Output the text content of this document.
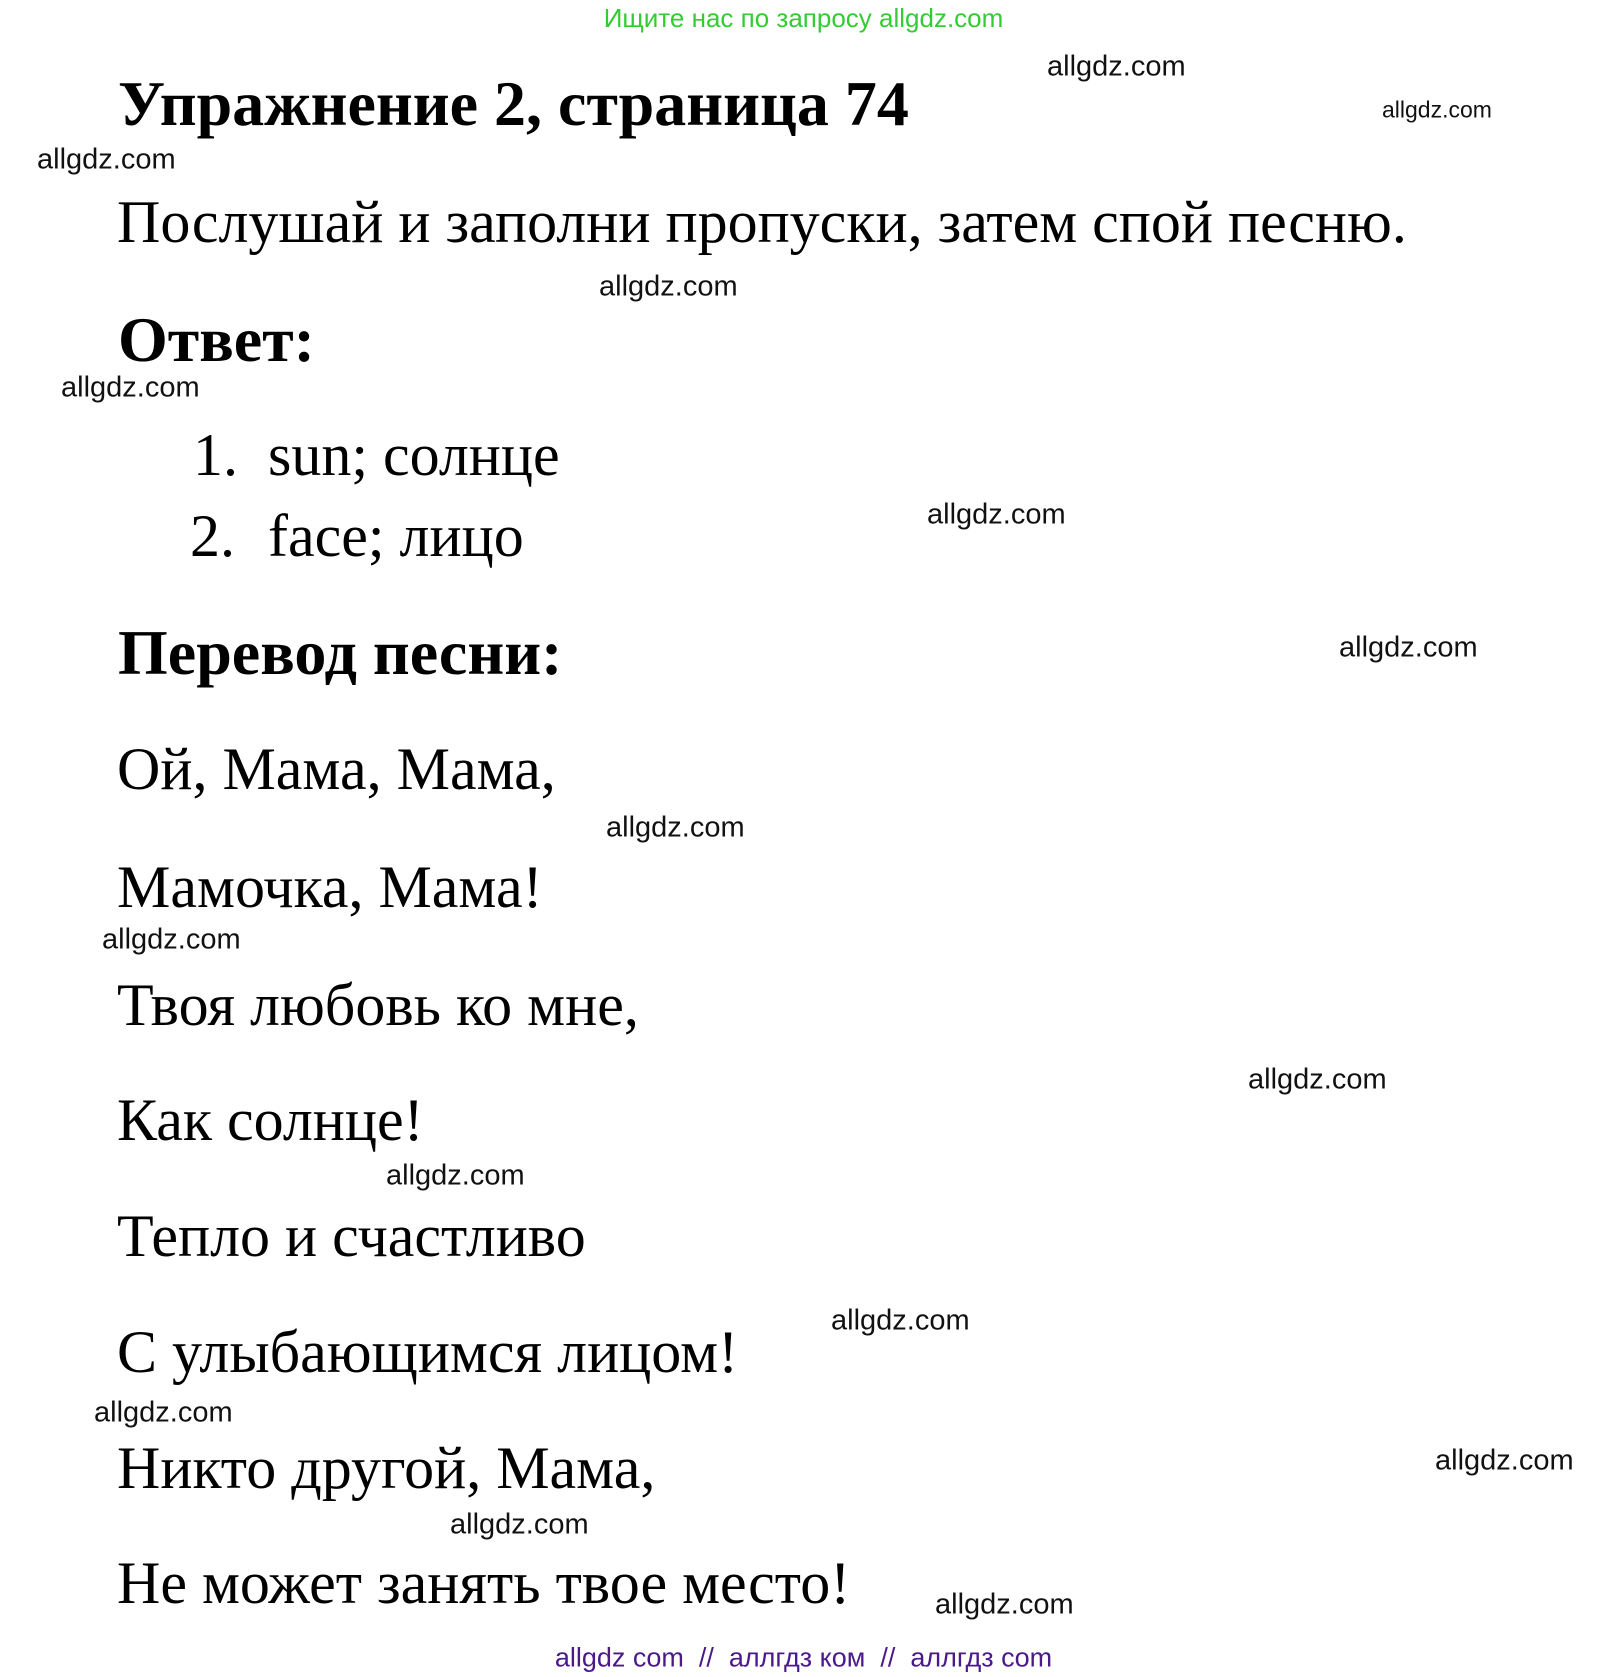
Ищите нас по запросу allgdz.com
Упражнение 2, страница 74
Послушай и заполни пропуски, затем спой песню.
Ответ:
1. sun; солнце
2. face; лицо
Перевод песни:
Ой, Мама, Мама,
Мамочка, Мама!
Твоя любовь ко мне,
Как солнце!
Тепло и счастливо
С улыбающимся лицом!
Никто другой, Мама,
Не может занять твое место!
allgdz.com
allgdz.com
allgdz.com
allgdz.com
allgdz.com
allgdz.com
allgdz.com
allgdz.com
allgdz.com
allgdz.com
allgdz.com
allgdz.com
allgdz.com
allgdz.com
allgdz.com
allgdz.com
allgdz com  //  аллгдз ком  //  аллгдз com
